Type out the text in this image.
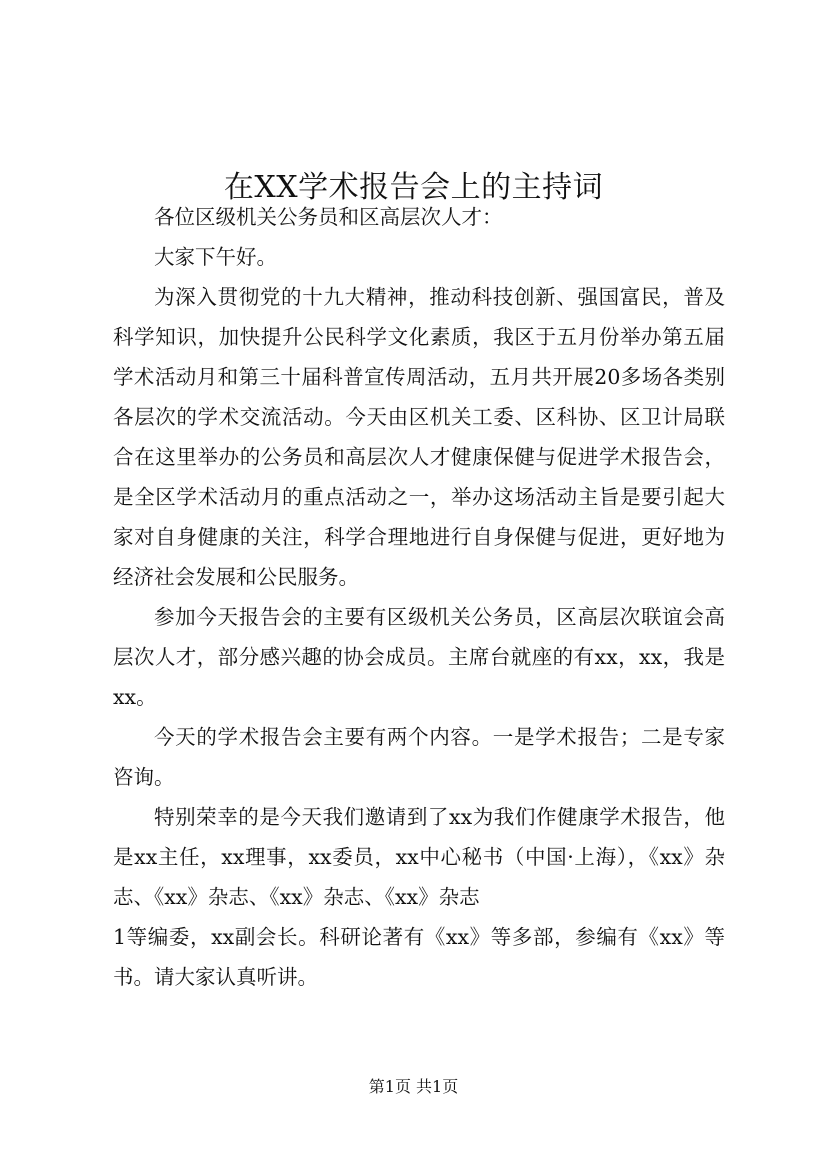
在XX学术报告会上的主持词

各位区级机关公务员和区高层次人才：

大家下午好。

为深入贯彻党的十九大精神，推动科技创新、强国富民，普及科学知识，加快提升公民科学文化素质，我区于五月份举办第五届学术活动月和第三十届科普宣传周活动，五月共开展20多场各类别各层次的学术交流活动。今天由区机关工委、区科协、区卫计局联合在这里举办的公务员和高层次人才健康保健与促进学术报告会，是全区学术活动月的重点活动之一，举办这场活动主旨是要引起大家对自身健康的关注，科学合理地进行自身保健与促进，更好地为经济社会发展和公民服务。

参加今天报告会的主要有区级机关公务员，区高层次联谊会高层次人才，部分感兴趣的协会成员。主席台就座的有xx，xx，我是xx。

今天的学术报告会主要有两个内容。一是学术报告；二是专家咨询。

特别荣幸的是今天我们邀请到了xx为我们作健康学术报告，他是xx主任，xx理事，xx委员，xx中心秘书（中国·上海），《xx》杂志、《xx》杂志、《xx》杂志、《xx》杂志

1等编委，xx副会长。科研论著有《xx》等多部，参编有《xx》等书。请大家认真听讲。

第1页 共1页
